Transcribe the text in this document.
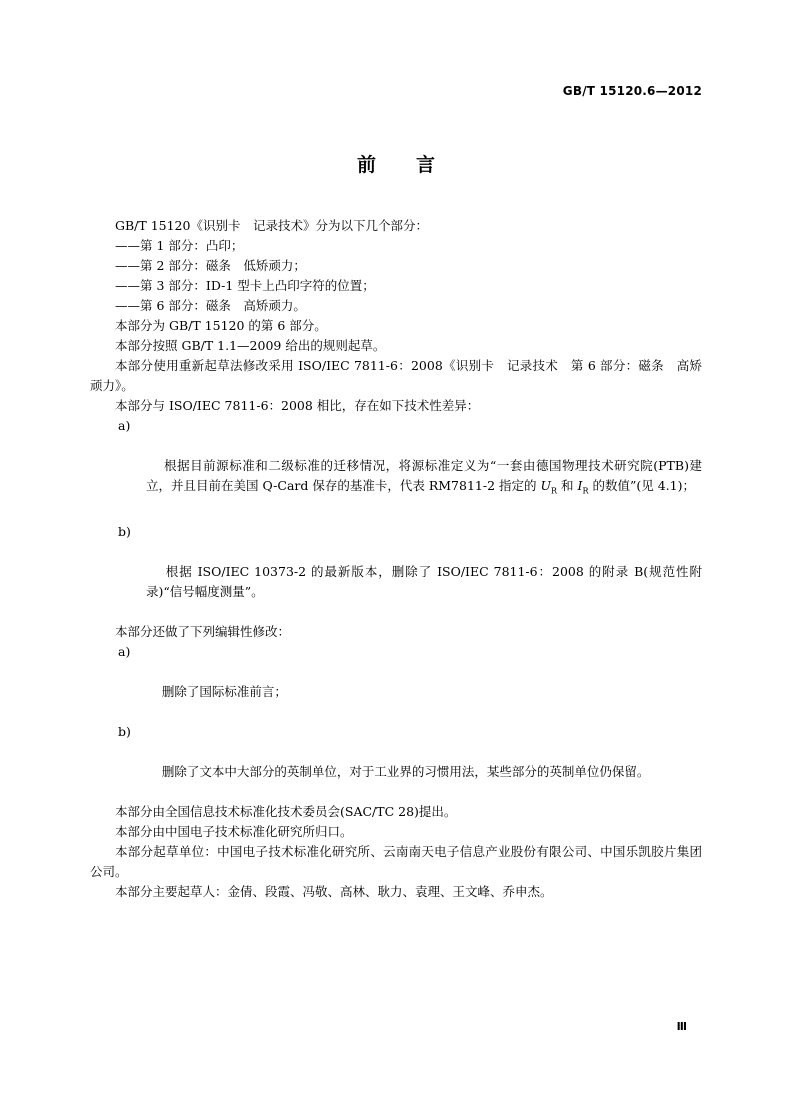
GB/T 15120.6—2012
前言

GB/T 15120《识别卡　记录技术》分为以下几个部分：

——第 1 部分：凸印；

——第 2 部分：磁条　低矫顽力；

——第 3 部分：ID-1 型卡上凸印字符的位置；

——第 6 部分：磁条　高矫顽力。

本部分为 GB/T 15120 的第 6 部分。

本部分按照 GB/T 1.1—2009 给出的规则起草。

本部分使用重新起草法修改采用 ISO/IEC 7811-6：2008《识别卡　记录技术　第 6 部分：磁条　高矫顽力》。

本部分与 ISO/IEC 7811-6：2008 相比，存在如下技术性差异：

a)

根据目前源标准和二级标准的迁移情况，将源标准定义为“一套由德国物理技术研究院(PTB)建立，并且目前在美国 Q-Card 保存的基准卡，代表 RM7811-2 指定的 $U_R$ 和 $I_R$ 的数值”(见 4.1)；

b)

根据 ISO/IEC 10373-2 的最新版本，删除了 ISO/IEC 7811-6：2008 的附录 B(规范性附录)“信号幅度测量”。

本部分还做了下列编辑性修改：

a)

删除了国际标准前言；

b)

删除了文本中大部分的英制单位，对于工业界的习惯用法，某些部分的英制单位仍保留。

本部分由全国信息技术标准化技术委员会(SAC/TC 28)提出。

本部分由中国电子技术标准化研究所归口。

本部分起草单位：中国电子技术标准化研究所、云南南天电子信息产业股份有限公司、中国乐凯胶片集团公司。

本部分主要起草人：金倩、段霞、冯敬、高林、耿力、袁理、王文峰、乔申杰。

Ⅲ
